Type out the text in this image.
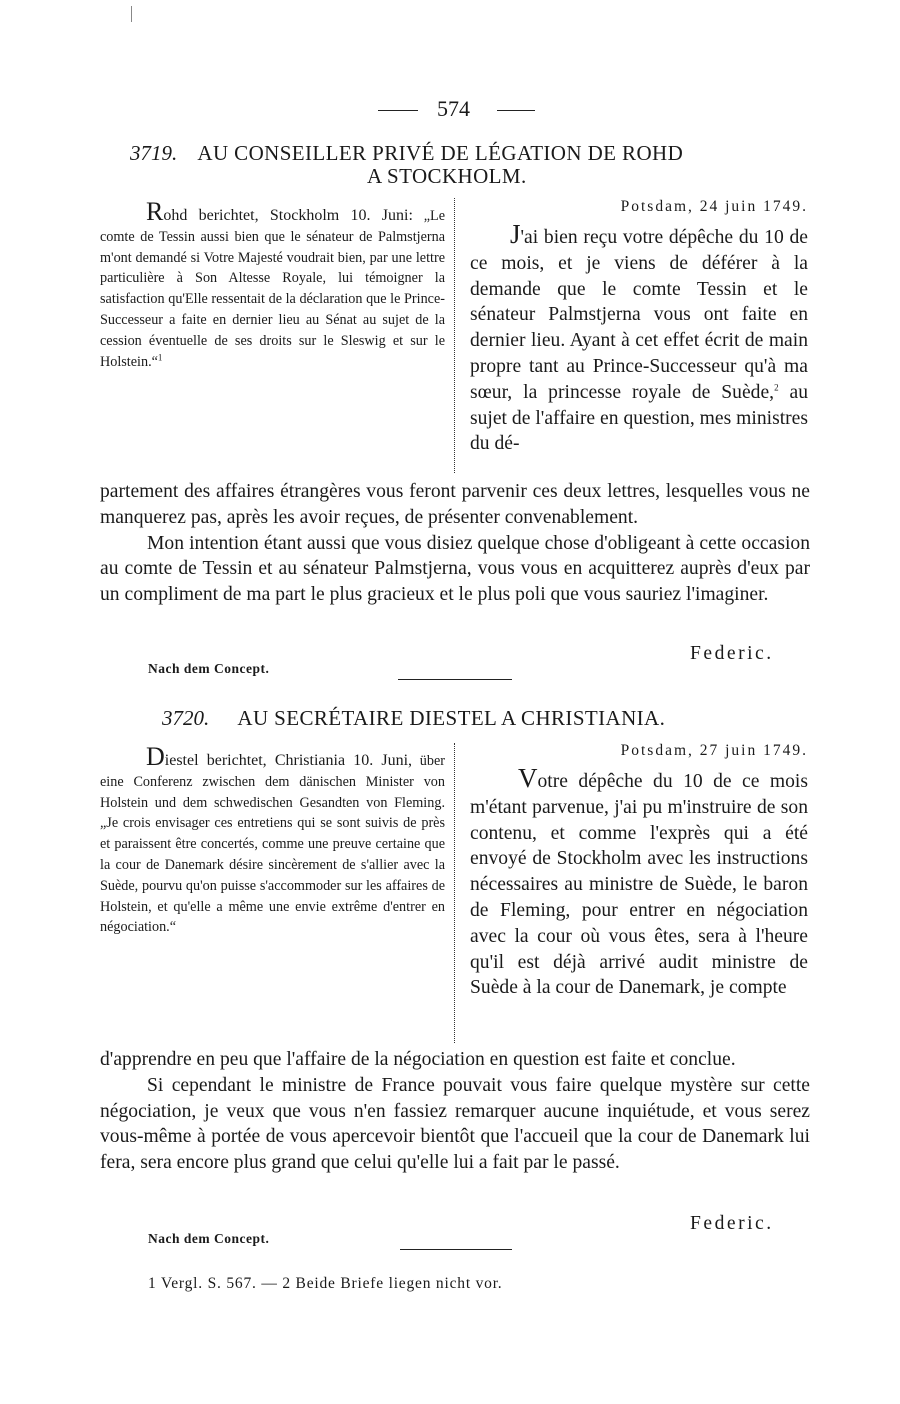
574
3719. AU CONSEILLER PRIVÉ DE LÉGATION DE ROHD
A STOCKHOLM.
Rohd berichtet, Stockholm 10. Juni: „Le comte de Tessin aussi bien que le sénateur de Palmstjerna m'ont demandé si Votre Majesté voudrait bien, par une lettre particulière à Son Altesse Royale, lui témoigner la satisfaction qu'Elle ressentait de la déclaration que le Prince-Successeur a faite en dernier lieu au Sénat au sujet de la cession éventuelle de ses droits sur le Sleswig et sur le Holstein.“$^1$
Potsdam, 24 juin 1749.
J'ai bien reçu votre dépêche du 10 de ce mois, et je viens de déférer à la demande que le comte Tessin et le sénateur Palmstjerna vous ont faite en dernier lieu. Ayant à cet effet écrit de main propre tant au Prince-Successeur qu'à ma sœur, la princesse royale de Suède,$^2$ au sujet de l'affaire en question, mes ministres du dé-

partement des affaires étrangères vous feront parvenir ces deux lettres, lesquelles vous ne manquerez pas, après les avoir reçues, de présenter convenablement.

Mon intention étant aussi que vous disiez quelque chose d'obligeant à cette occasion au comte de Tessin et au sénateur Palmstjerna, vous vous en acquitterez auprès d'eux par un compliment de ma part le plus gracieux et le plus poli que vous sauriez l'imaginer.

Federic.
Nach dem Concept.
3720. AU SECRÉTAIRE DIESTEL A CHRISTIANIA.
Diestel berichtet, Christiania 10. Juni, über eine Conferenz zwischen dem dänischen Minister von Holstein und dem schwedischen Gesandten von Fleming. „Je crois envisager ces entretiens qui se sont suivis de près et paraissent être concertés, comme une preuve certaine que la cour de Danemark désire sincèrement de s'allier avec la Suède, pourvu qu'on puisse s'accommoder sur les affaires de Holstein, et qu'elle a même une envie extrême d'entrer en négociation.“
Potsdam, 27 juin 1749.
Votre dépêche du 10 de ce mois m'étant parvenue, j'ai pu m'instruire de son contenu, et comme l'exprès qui a été envoyé de Stockholm avec les instructions nécessaires au ministre de Suède, le baron de Fleming, pour entrer en négociation avec la cour où vous êtes, sera à l'heure qu'il est déjà arrivé audit ministre de Suède à la cour de Danemark, je compte

d'apprendre en peu que l'affaire de la négociation en question est faite et conclue.

Si cependant le ministre de France pouvait vous faire quelque mystère sur cette négociation, je veux que vous n'en fassiez remarquer aucune inquiétude, et vous serez vous-même à portée de vous apercevoir bientôt que l'accueil que la cour de Danemark lui fera, sera encore plus grand que celui qu'elle lui a fait par le passé.

Federic.
Nach dem Concept.
1 Vergl. S. 567. — 2 Beide Briefe liegen nicht vor.
